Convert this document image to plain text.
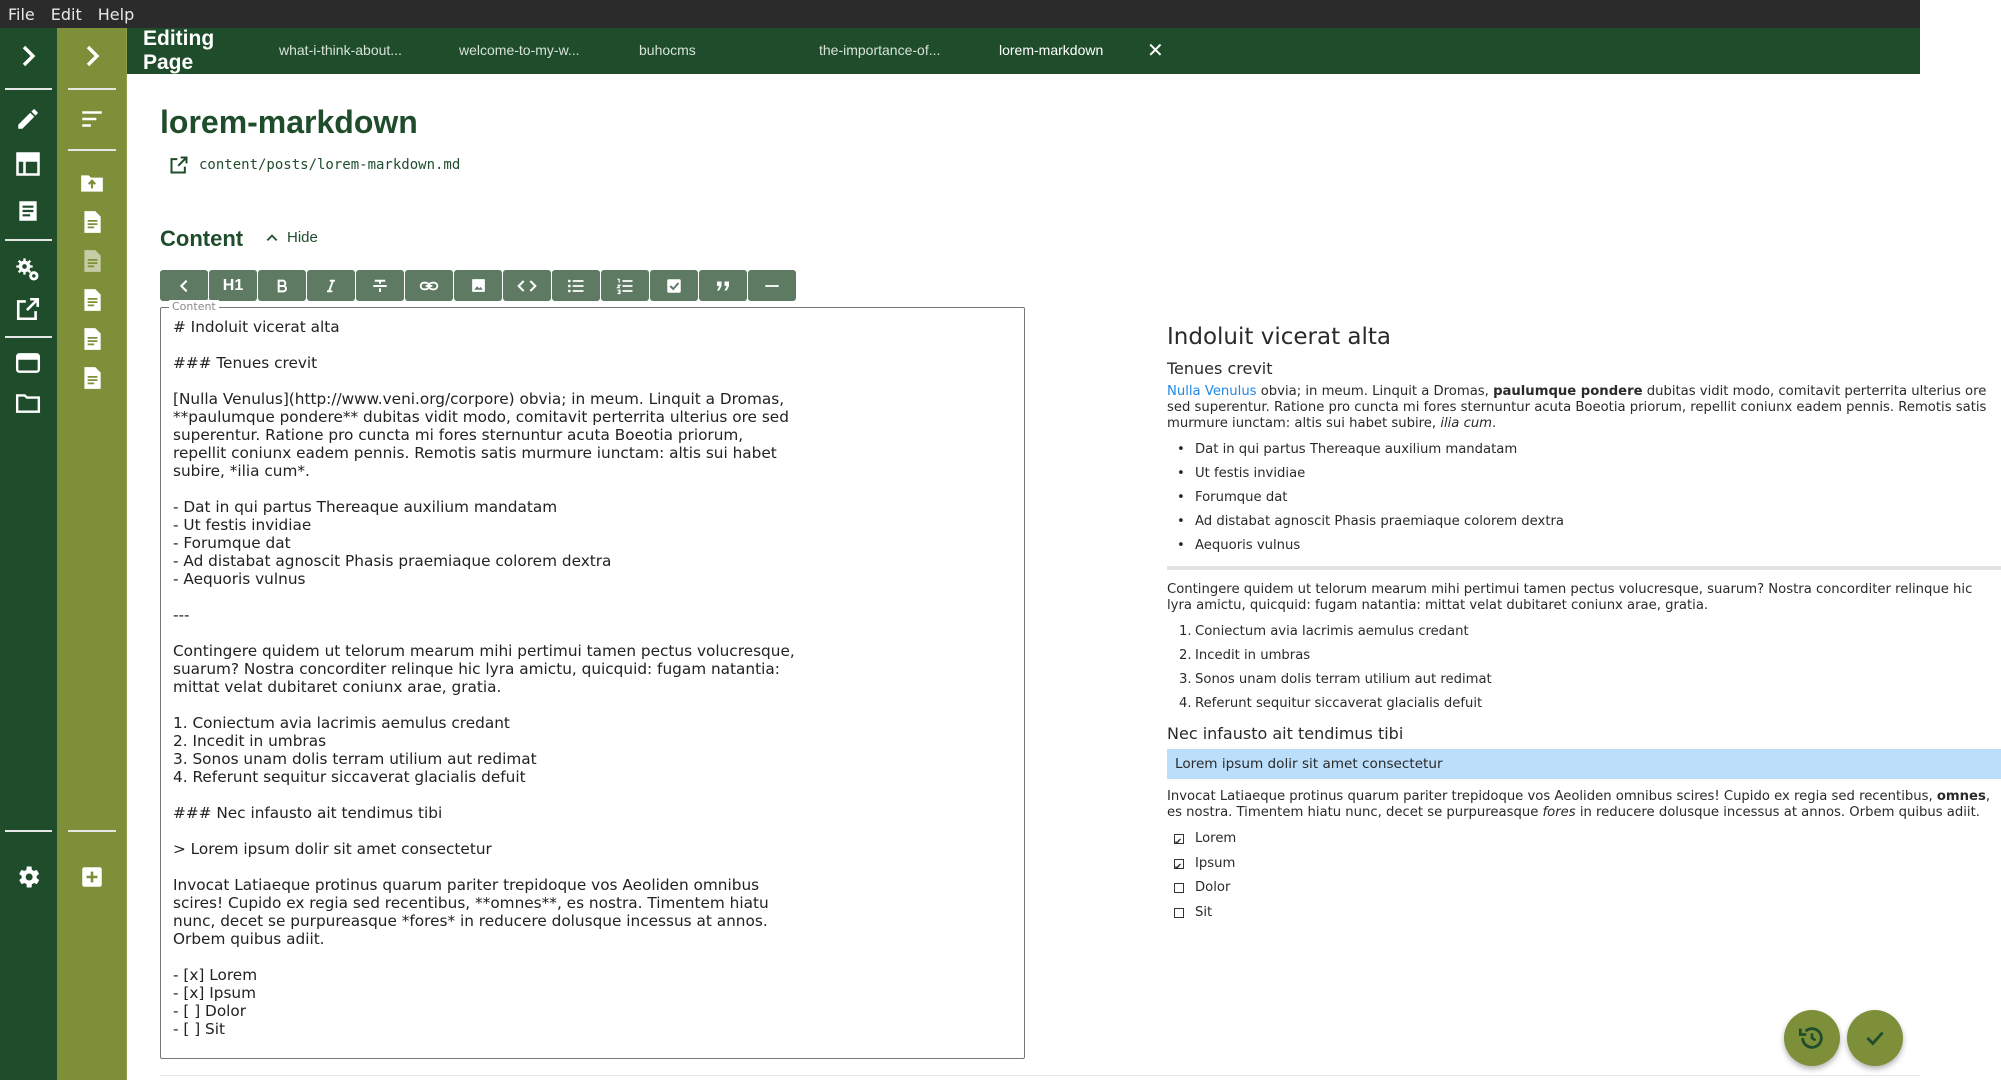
File Edit Help
Editing Page
what-i-think-about...	welcome-to-my-w...	buhocms	the-importance-of...	lorem-markdown ✕
lorem-markdown
content/posts/lorem-markdown.md
Content	Hide
H1
Content
# Indoluit vicerat alta
### Tenues crevit
[Nulla Venulus](http://www.veni.org/corpore) obvia; in meum. Linquit a Dromas,
**paulumque pondere** dubitas vidit modo, comitavit perterrita ulterius ore sed
superentur. Ratione pro cuncta mi fores sternuntur acuta Boeotia priorum,
repellit coniunx eadem pennis. Remotis satis murmure iunctam: altis sui habet
subire, *ilia cum*.
- Dat in qui partus Thereaque auxilium mandatam
- Ut festis invidiae
- Forumque dat
- Ad distabat agnoscit Phasis praemiaque colorem dextra
- Aequoris vulnus
---
Contingere quidem ut telorum mearum mihi pertimui tamen pectus volucresque,
suarum? Nostra concorditer relinque hic lyra amictu, quicquid: fugam natantia:
mittat velat dubitaret coniunx arae, gratia.
1. Coniectum avia lacrimis aemulus credant
2. Incedit in umbras
3. Sonos unam dolis terram utilium aut redimat
4. Referunt sequitur siccaverat glacialis defuit
### Nec infausto ait tendimus tibi
> Lorem ipsum dolir sit amet consectetur
Invocat Latiaeque protinus quarum pariter trepidoque vos Aeoliden omnibus
scires! Cupido ex regia sed recentibus, **omnes**, es nostra. Timentem hiatu
nunc, decet se purpureasque *fores* in reducere dolusque incessus at annos.
Orbem quibus adiit.
- [x] Lorem
- [x] Ipsum
- [ ] Dolor
- [ ] Sit
Indoluit vicerat alta
Tenues crevit
Nulla Venulus obvia; in meum. Linquit a Dromas, paulumque pondere dubitas vidit modo, comitavit perterrita ulterius ore sed superentur. Ratione pro cuncta mi fores sternuntur acuta Boeotia priorum, repellit coniunx eadem pennis. Remotis satis murmure iunctam: altis sui habet subire, ilia cum.
• Dat in qui partus Thereaque auxilium mandatam
• Ut festis invidiae
• Forumque dat
• Ad distabat agnoscit Phasis praemiaque colorem dextra
• Aequoris vulnus
Contingere quidem ut telorum mearum mihi pertimui tamen pectus volucresque, suarum? Nostra concorditer relinque hic lyra amictu, quicquid: fugam natantia: mittat velat dubitaret coniunx arae, gratia.
1. Coniectum avia lacrimis aemulus credant
2. Incedit in umbras
3. Sonos unam dolis terram utilium aut redimat
4. Referunt sequitur siccaverat glacialis defuit
Nec infausto ait tendimus tibi
Lorem ipsum dolir sit amet consectetur
Invocat Latiaeque protinus quarum pariter trepidoque vos Aeoliden omnibus scires! Cupido ex regia sed recentibus, omnes, es nostra. Timentem hiatu nunc, decet se purpureasque fores in reducere dolusque incessus at annos. Orbem quibus adiit.
✔
Lorem
✔
Ipsum
Dolor
Sit
